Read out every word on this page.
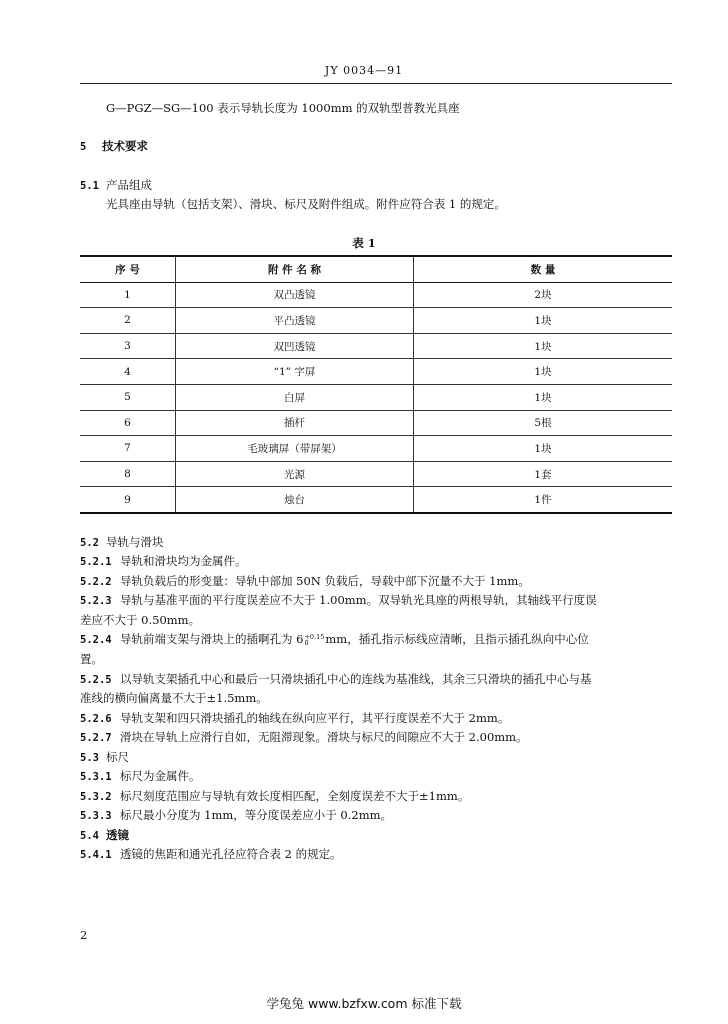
JY 0034—91
G—PGZ—SG—100 表示导轨长度为 1000mm 的双轨型普教光具座
5 技术要求
5.1 产品组成
光具座由导轨（包括支架）、滑块、标尺及附件组成。附件应符合表 1 的规定。
表 1
序 号	附 件 名 称	数 量
1	双凸透镜	2块
2	平凸透镜	1块
3	双凹透镜	1块
4	“1” 字屏	1块
5	白屏	1块
6	插杆	5根
7	毛玻璃屏（带屏架）	1块
8	光源	1套
9	烛台	1件
5.2 导轨与滑块
5.2.1 导轨和滑块均为金属件。
5.2.2 导轨负载后的形变量：导轨中部加 50N 负载后，导载中部下沉量不大于 1mm。
5.2.3 导轨与基准平面的平行度误差应不大于 1.00mm。双导轨光具座的两根导轨，其轴线平行度误
差应不大于 0.50mm。
5.2.4 导轨前端支架与滑块上的插啊孔为 6 +0.15
0	mm，插孔指示标线应清晰，且指示插孔纵向中心位
置。
5.2.5 以导轨支架插孔中心和最后一只滑块插孔中心的连线为基准线，其余三只滑块的插孔中心与基
准线的横向偏离量不大于±1.5mm。
5.2.6 导轨支架和四只滑块插孔的轴线在纵向应平行，其平行度误差不大于 2mm。
5.2.7 滑块在导轨上应滑行自如，无阻滞现象。滑块与标尺的间隙应不大于 2.00mm。
5.3 标尺
5.3.1 标尺为金属件。
5.3.2 标尺刻度范围应与导轨有效长度相匹配，全刻度误差不大于±1mm。
5.3.3 标尺最小分度为 1mm，等分度误差应小于 0.2mm。
5.4 透镜
5.4.1 透镜的焦距和通光孔径应符合表 2 的规定。
2
学兔兔 www.bzfxw.com 标准下载
